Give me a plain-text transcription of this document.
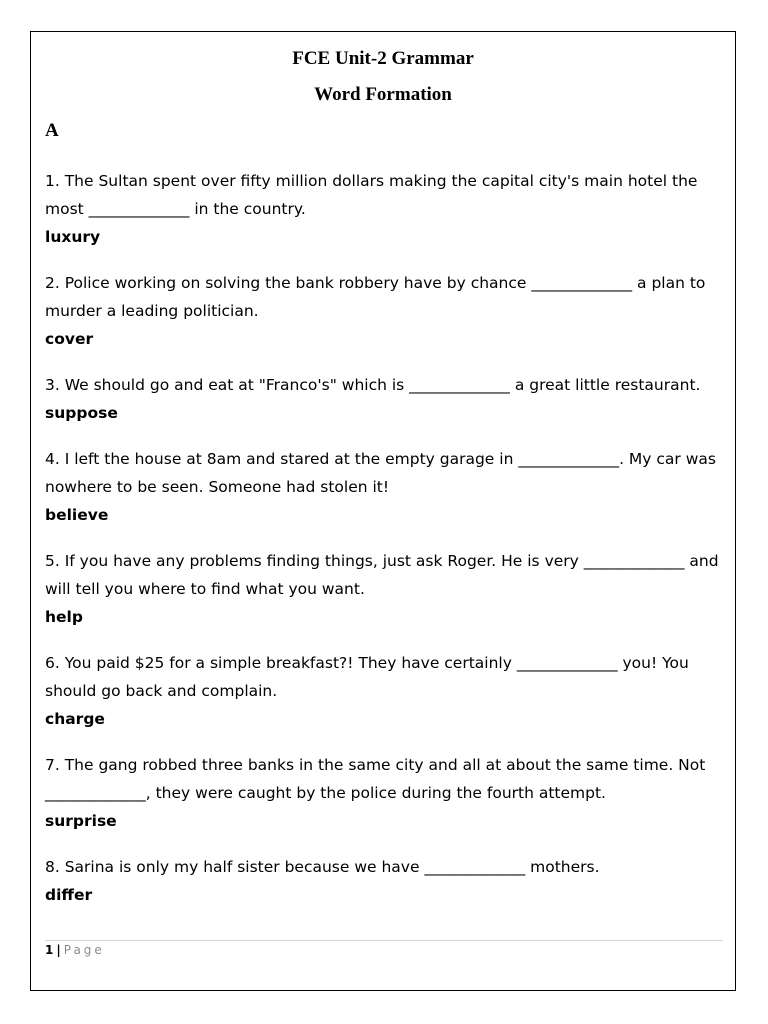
FCE Unit-2 Grammar
Word Formation
A
1. The Sultan spent over fifty million dollars making the capital city's main hotel the most _____________ in the country.
luxury
2. Police working on solving the bank robbery have by chance _____________ a plan to murder a leading politician.
cover
3. We should go and eat at "Franco's" which is _____________ a great little restaurant.
suppose
4. I left the house at 8am and stared at the empty garage in _____________. My car was nowhere to be seen. Someone had stolen it!
believe
5. If you have any problems finding things, just ask Roger. He is very _____________ and will tell you where to find what you want.
help
6. You paid $25 for a simple breakfast?! They have certainly _____________ you! You should go back and complain.
charge
7. The gang robbed three banks in the same city and all at about the same time. Not _____________, they were caught by the police during the fourth attempt.
surprise
8. Sarina is only my half sister because we have _____________ mothers.
differ
1 | Page
